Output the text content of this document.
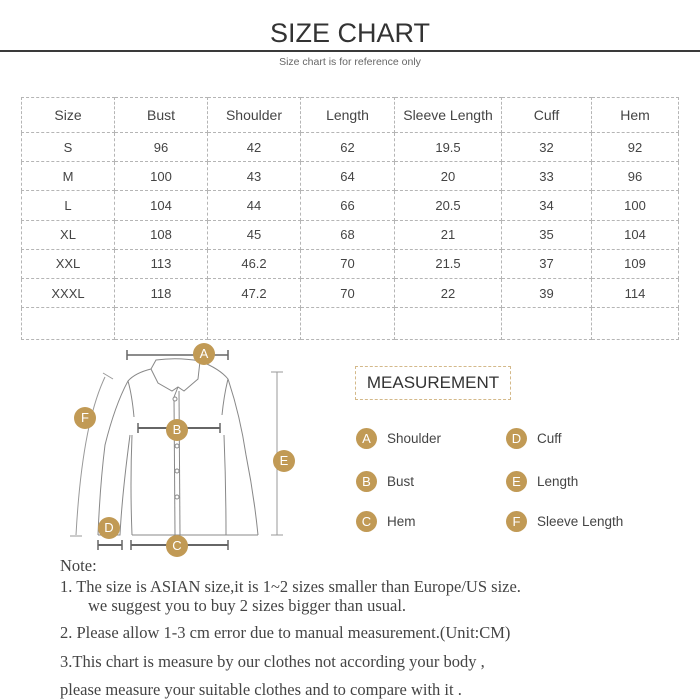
SIZE CHART
Size chart is for reference only
Size	Bust	Shoulder	Length	Sleeve Length	Cuff	Hem
S	96	42	62	19.5	32	92
M	100	43	64	20	33	96
L	104	44	66	20.5	34	100
XL	108	45	68	21	35	104
XXL	113	46.2	70	21.5	37	109
XXXL	118	47.2	70	22	39	114

A
B
C
D
E
F
MEASUREMENT
A	Shoulder
B	Bust
C	Hem
D	Cuff
E	Length
F	Sleeve Length
Note:
1. The size is ASIAN size,it is 1~2 sizes smaller than Europe/US size.
we suggest you to buy 2 sizes bigger than usual.
2. Please allow 1-3 cm error due to manual measurement.(Unit:CM)
3.This chart is measure by our clothes not according your body ,
please measure your suitable clothes and to compare with it .
